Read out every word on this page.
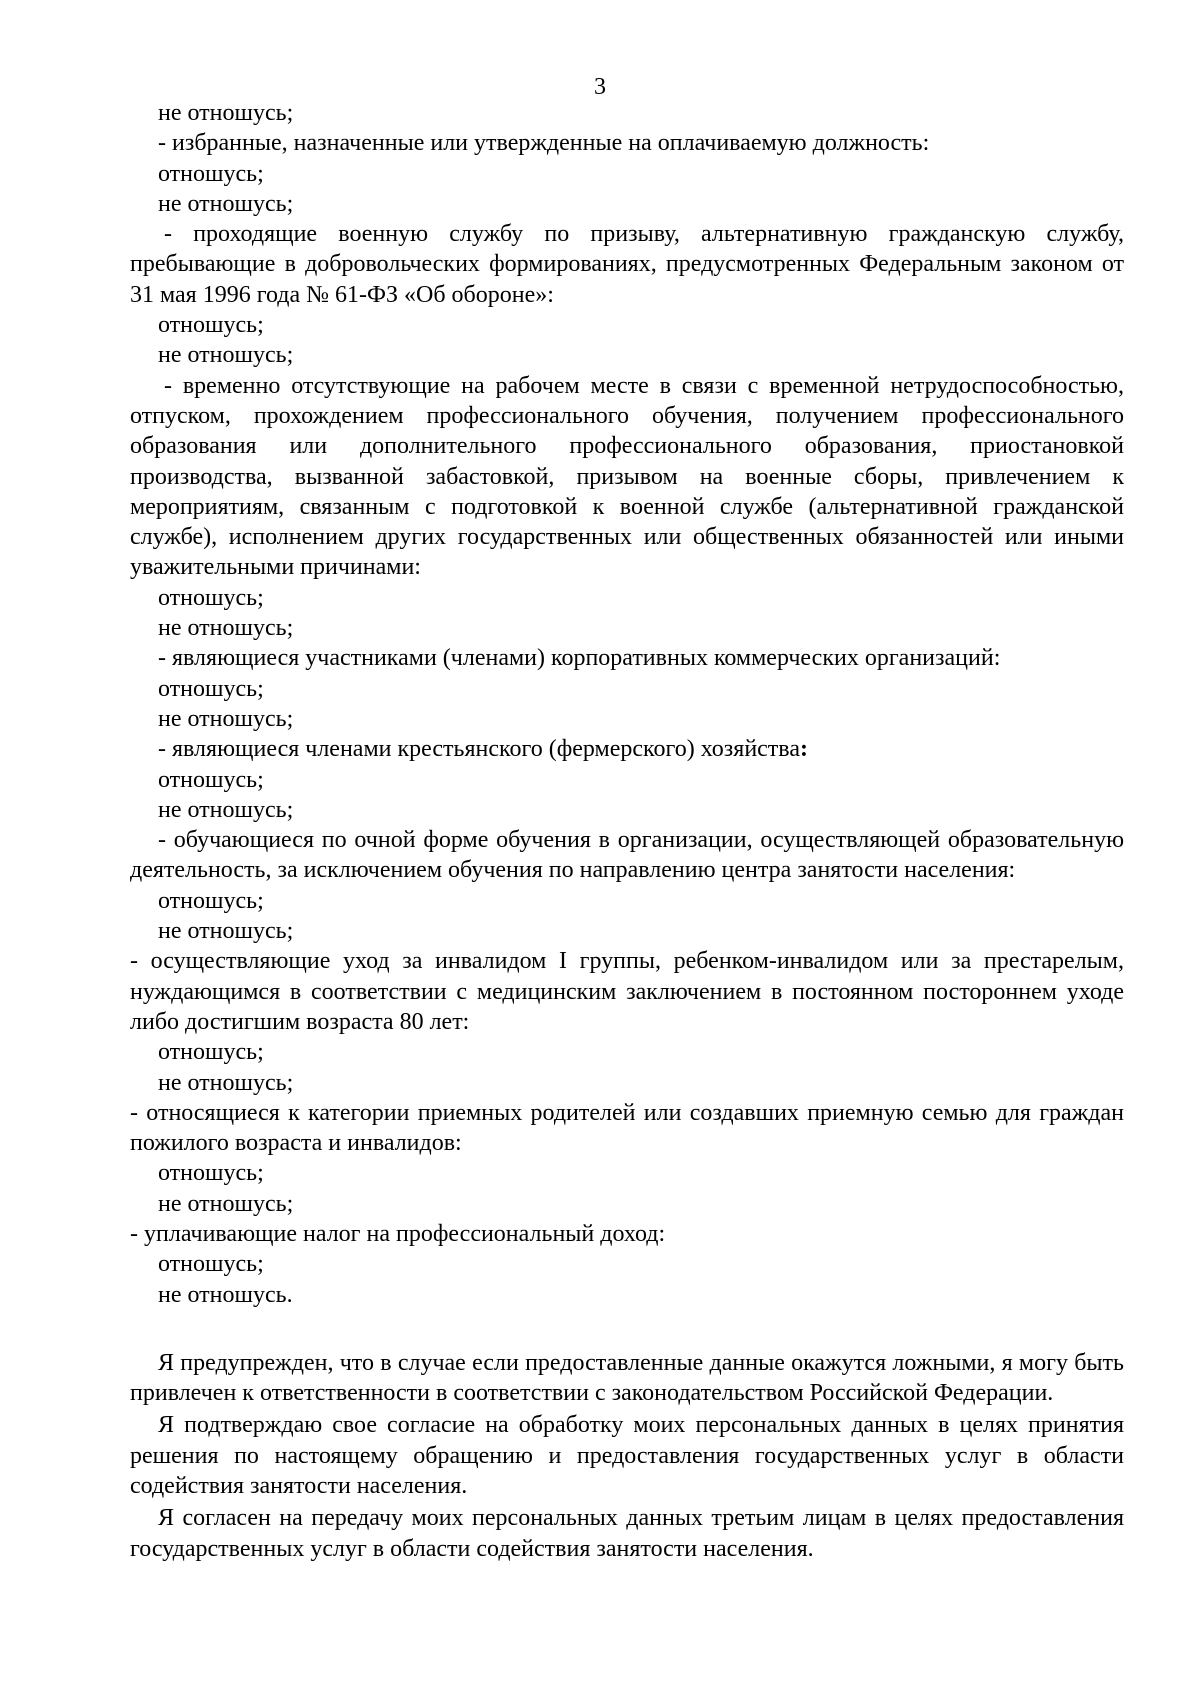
3
не отношусь;
- избранные, назначенные или утвержденные на оплачиваемую должность:
отношусь;
не отношусь;
- проходящие военную службу по призыву, альтернативную гражданскую службу, пребывающие в добровольческих формированиях, предусмотренных Федеральным законом от 31 мая 1996 года № 61-ФЗ «Об обороне»:
отношусь;
не отношусь;
- временно отсутствующие на рабочем месте в связи с временной нетрудоспособностью, отпуском, прохождением профессионального обучения, получением профессионального образования или дополнительного профессионального образования, приостановкой производства, вызванной забастовкой, призывом на военные сборы, привлечением к мероприятиям, связанным с подготовкой к военной службе (альтернативной гражданской службе), исполнением других государственных или общественных обязанностей или иными уважительными причинами:
отношусь;
не отношусь;
- являющиеся участниками (членами) корпоративных коммерческих организаций:
отношусь;
не отношусь;
- являющиеся членами крестьянского (фермерского) хозяйства:
отношусь;
не отношусь;
- обучающиеся по очной форме обучения в организации, осуществляющей образовательную деятельность, за исключением обучения по направлению центра занятости населения:
отношусь;
не отношусь;
- осуществляющие уход за инвалидом I группы, ребенком-инвалидом или за престарелым, нуждающимся в соответствии с медицинским заключением в постоянном постороннем уходе либо достигшим возраста 80 лет:
отношусь;
не отношусь;
- относящиеся к категории приемных родителей или создавших приемную семью для граждан пожилого возраста и инвалидов:
отношусь;
не отношусь;
- уплачивающие налог на профессиональный доход:
отношусь;
не отношусь.
Я предупрежден, что в случае если предоставленные данные окажутся ложными, я могу быть привлечен к ответственности в соответствии с законодательством Российской Федерации.
Я подтверждаю свое согласие на обработку моих персональных данных в целях принятия решения по настоящему обращению и предоставления государственных услуг в области содействия занятости населения.
Я согласен на передачу моих персональных данных третьим лицам в целях предоставления государственных услуг в области содействия занятости населения.
